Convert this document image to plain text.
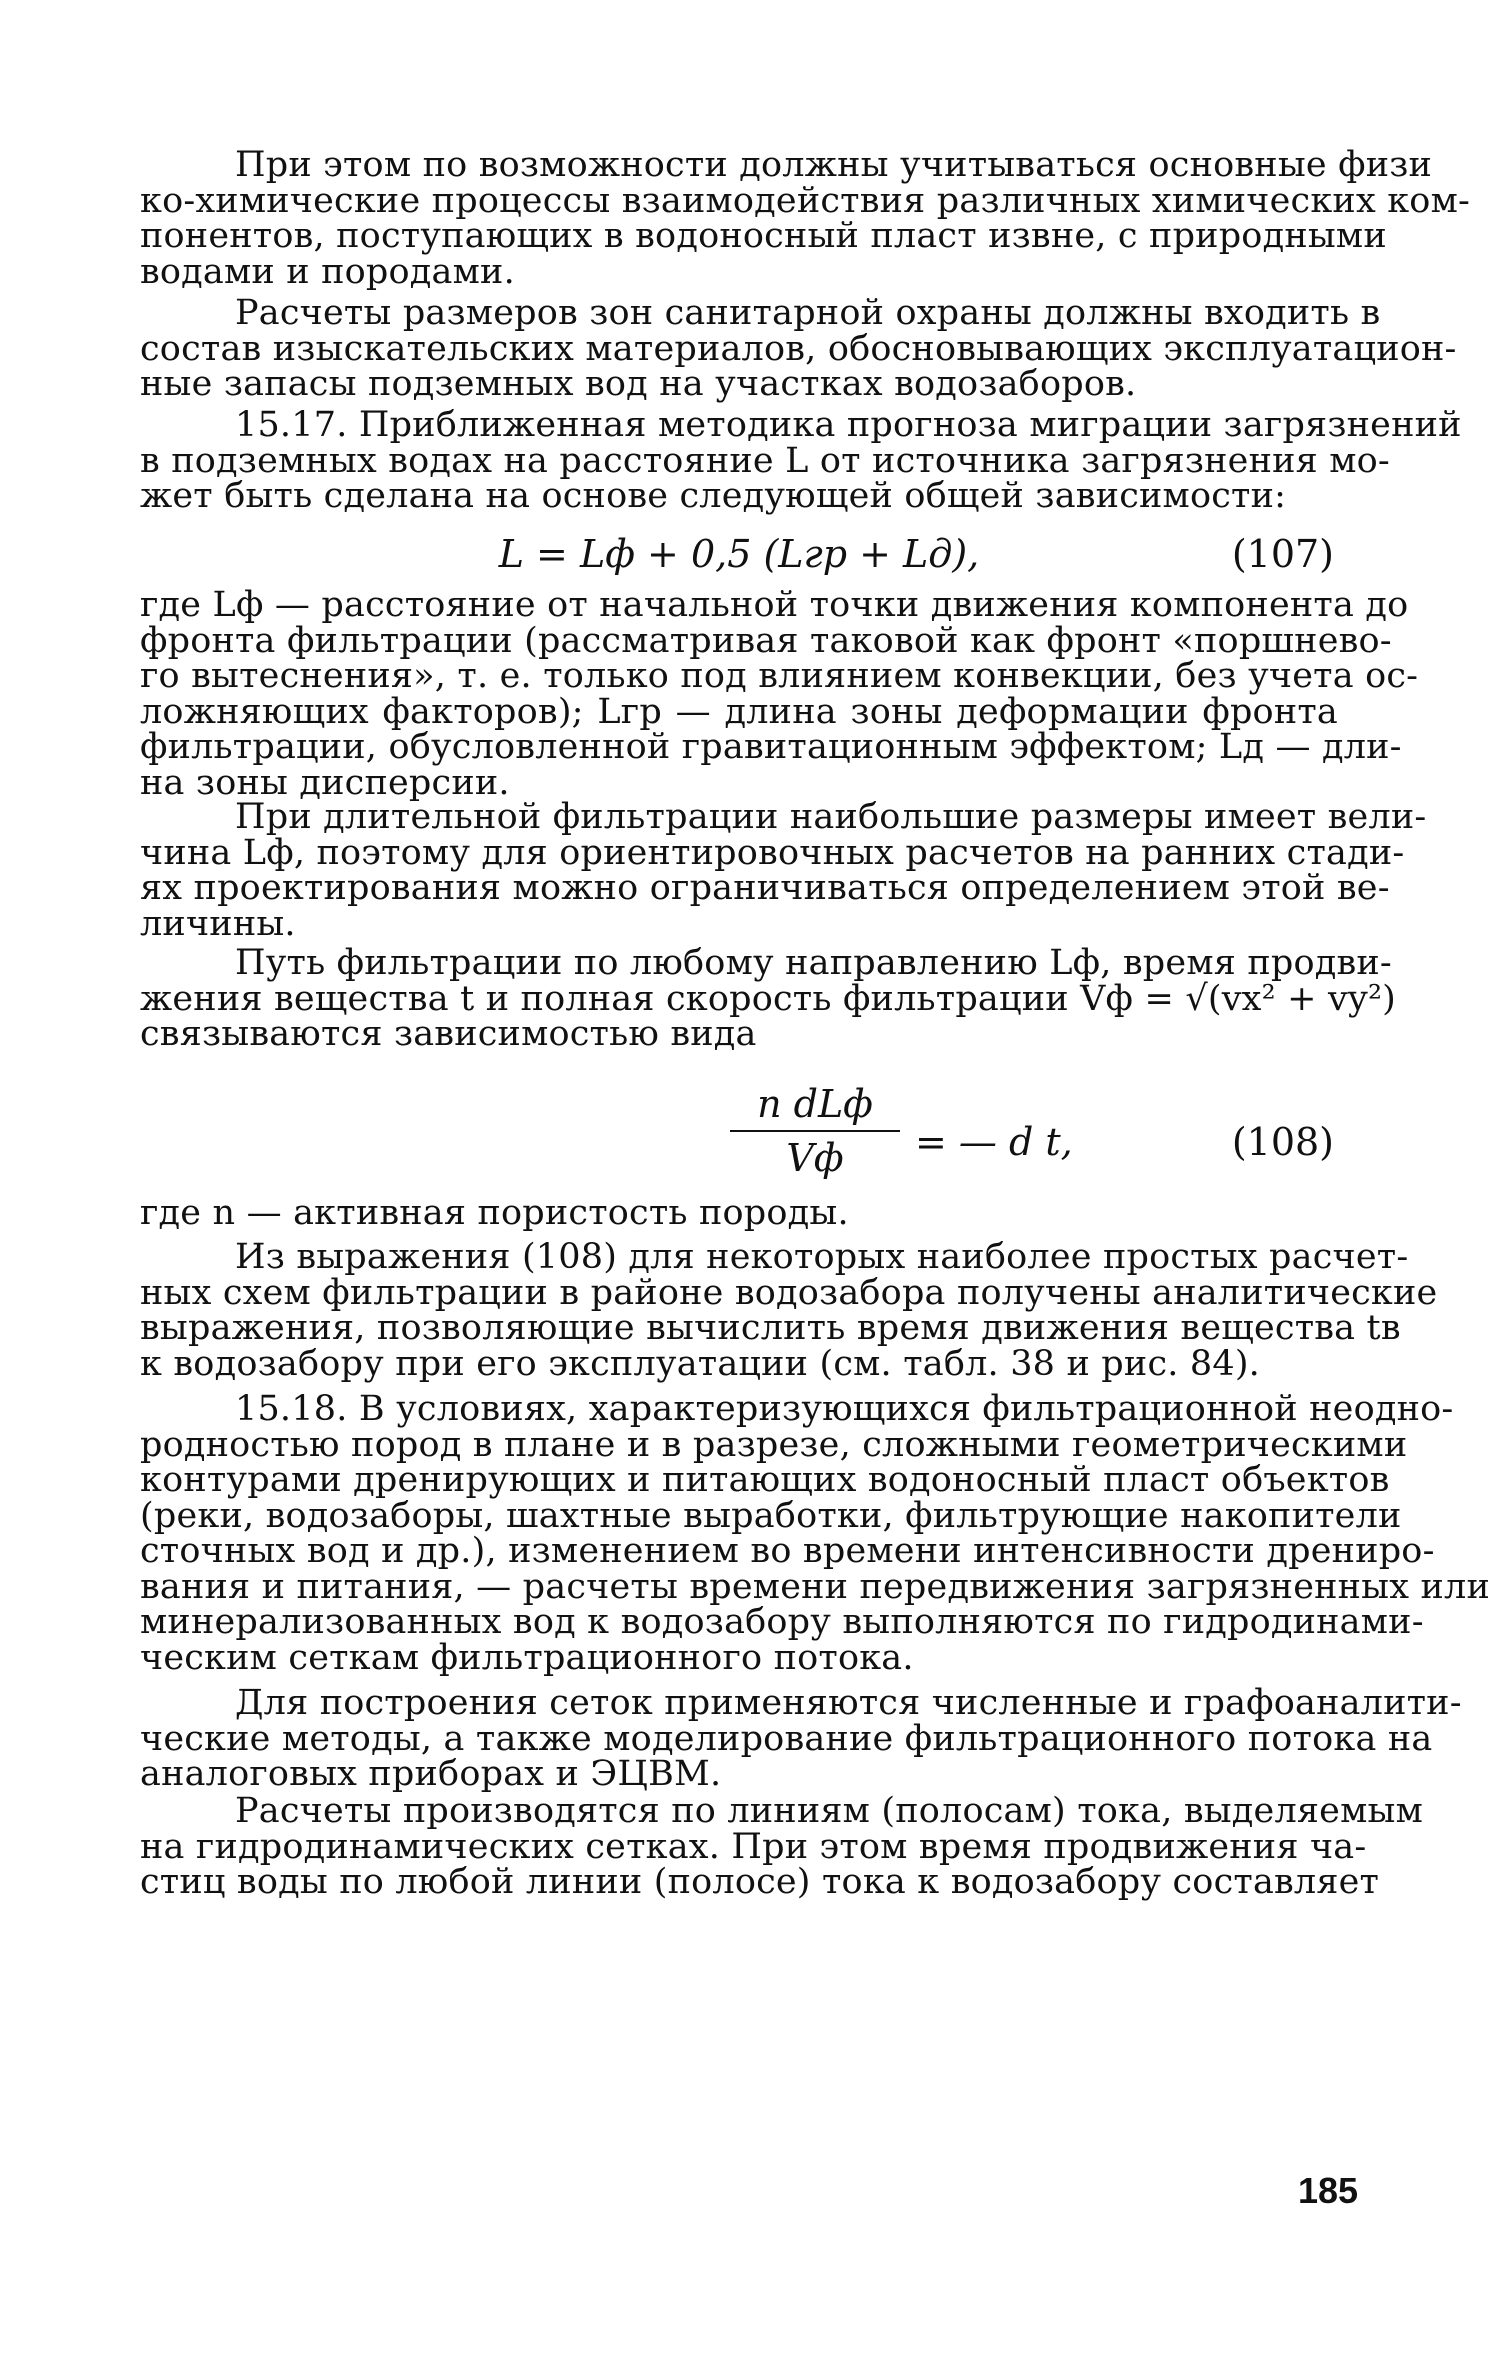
При этом по возможности должны учитываться основные физи
ко-химические процессы взаимодействия различных химических ком-
понентов, поступающих в водоносный пласт извне, с природными
водами и породами.
Расчеты размеров зон санитарной охраны должны входить в
состав изыскательских материалов, обосновывающих эксплуатацион-
ные запасы подземных вод на участках водозаборов.
15.17. Приближенная методика прогноза миграции загрязнений
в подземных водах на расстояние L от источника загрязнения мо-
жет быть сделана на основе следующей общей зависимости:
L = Lф + 0,5 (Lгр + Lд),	(107)
где Lф — расстояние от начальной точки движения компонента до
фронта фильтрации (рассматривая таковой как фронт «поршнево-
го вытеснения», т. е. только под влиянием конвекции, без учета ос-
ложняющих факторов); Lгр — длина зоны деформации фронта
фильтрации, обусловленной гравитационным эффектом; Lд — дли-
на зоны дисперсии.
При длительной фильтрации наибольшие размеры имеет вели-
чина Lф, поэтому для ориентировочных расчетов на ранних стади-
ях проектирования можно ограничиваться определением этой ве-
личины.
Путь фильтрации по любому направлению Lф, время продви-
жения вещества t и полная скорость фильтрации Vф = √(vx² + vy²)
связываются зависимостью вида
n dLф
Vф	= — d t,	(108)
где n — активная пористость породы.
Из выражения (108) для некоторых наиболее простых расчет-
ных схем фильтрации в районе водозабора получены аналитические
выражения, позволяющие вычислить время движения вещества tв
к водозабору при его эксплуатации (см. табл. 38 и рис. 84).
15.18. В условиях, характеризующихся фильтрационной неодно-
родностью пород в плане и в разрезе, сложными геометрическими
контурами дренирующих и питающих водоносный пласт объектов
(реки, водозаборы, шахтные выработки, фильтрующие накопители
сточных вод и др.), изменением во времени интенсивности дрениро-
вания и питания, — расчеты времени передвижения загрязненных или
минерализованных вод к водозабору выполняются по гидродинами-
ческим сеткам фильтрационного потока.
Для построения сеток применяются численные и графоаналити-
ческие методы, а также моделирование фильтрационного потока на
аналоговых приборах и ЭЦВМ.
Расчеты производятся по линиям (полосам) тока, выделяемым
на гидродинамических сетках. При этом время продвижения ча-
стиц воды по любой линии (полосе) тока к водозабору составляет
185
